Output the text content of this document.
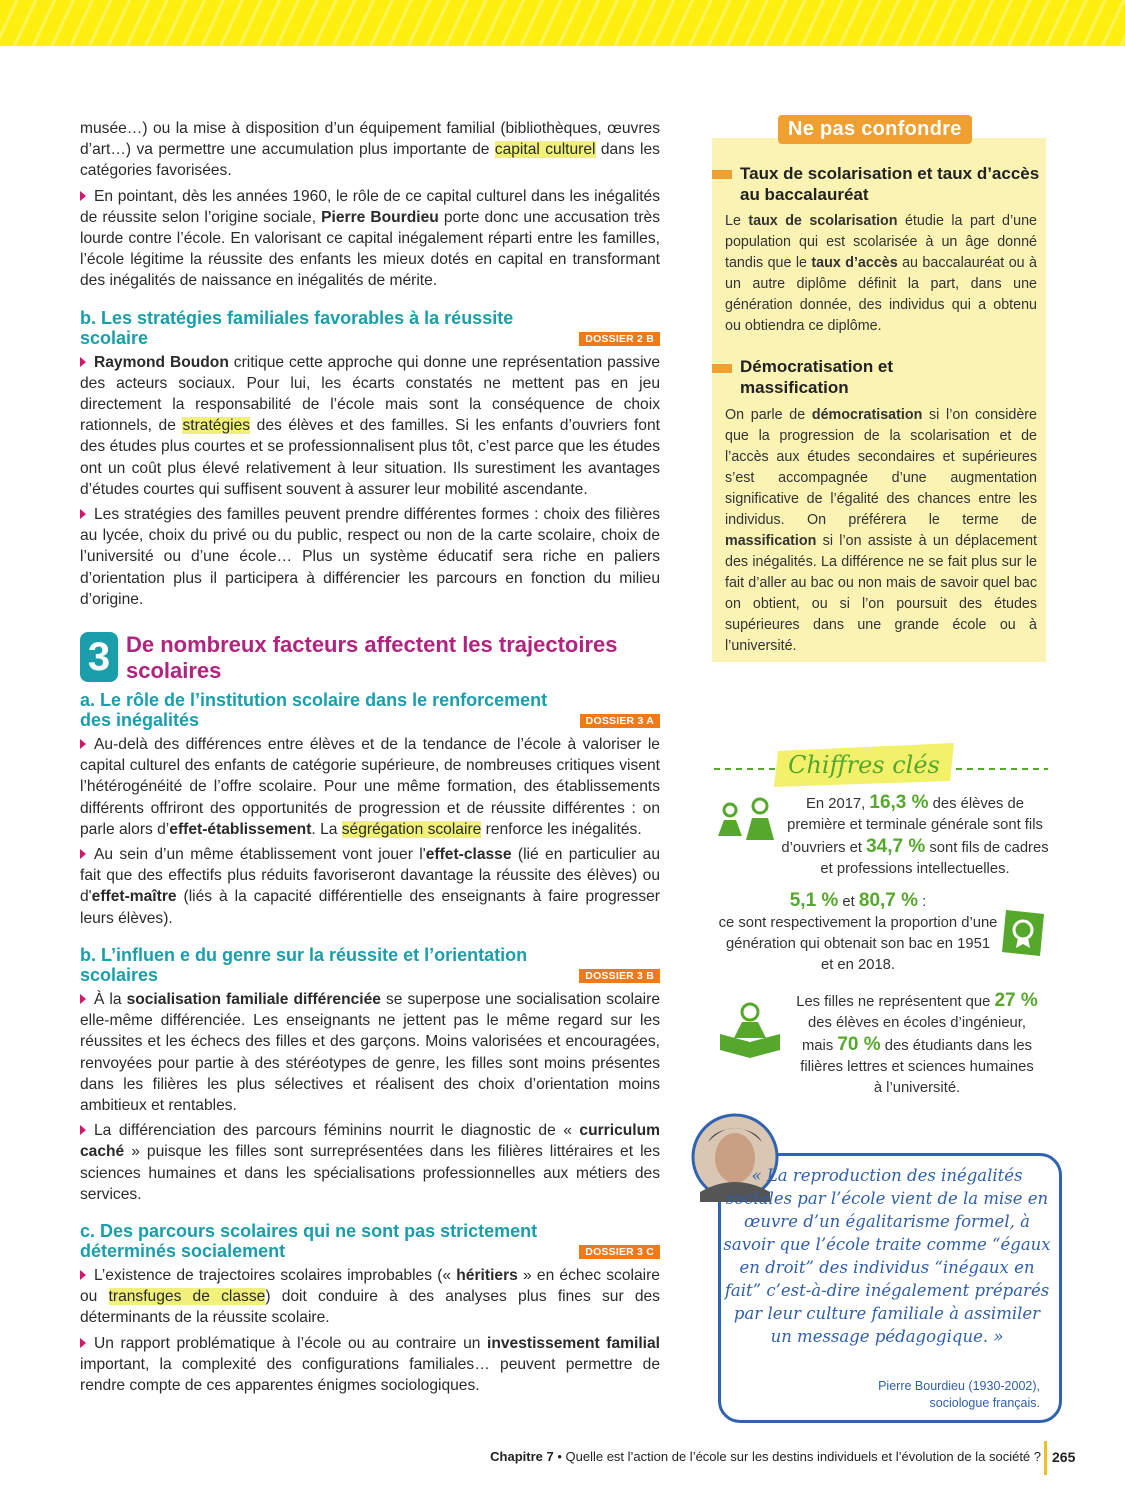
musée…) ou la mise à disposition d’un équipement familial (bibliothèques, œuvres d’art…) va permettre une accumulation plus importante de capital culturel dans les catégories favorisées.

En pointant, dès les années 1960, le rôle de ce capital culturel dans les inégalités de réussite selon l’origine sociale, Pierre Bourdieu porte donc une accusation très lourde contre l’école. En valorisant ce capital inégalement réparti entre les familles, l’école légitime la réussite des enfants les mieux dotés en capital en transformant des inégalités de naissance en inégalités de mérite.

b. Les stratégies familiales favorables à la réussite scolaire	DOSSIER 2 B

Raymond Boudon critique cette approche qui donne une représentation passive des acteurs sociaux. Pour lui, les écarts constatés ne mettent pas en jeu directement la responsabilité de l’école mais sont la conséquence de choix rationnels, de stratégies des élèves et des familles. Si les enfants d’ouvriers font des études plus courtes et se professionnalisent plus tôt, c’est parce que les études ont un coût plus élevé relativement à leur situation. Ils surestiment les avantages d’études courtes qui suffisent souvent à assurer leur mobilité ascendante.

Les stratégies des familles peuvent prendre différentes formes : choix des filières au lycée, choix du privé ou du public, respect ou non de la carte scolaire, choix de l’université ou d’une école… Plus un système éducatif sera riche en paliers d’orientation plus il participera à différencier les parcours en fonction du milieu d’origine.

3 De nombreux facteurs affectent les trajectoires scolaires
a. Le rôle de l’institution scolaire dans le renforcement des inégalités	DOSSIER 3 A

Au-delà des différences entre élèves et de la tendance de l’école à valoriser le capital culturel des enfants de catégorie supérieure, de nombreuses critiques visent l’hétérogénéité de l’offre scolaire. Pour une même formation, des établissements différents offriront des opportunités de progression et de réussite différentes : on parle alors d’effet-établissement. La ségrégation scolaire renforce les inégalités.

Au sein d’un même établissement vont jouer l'effet-classe (lié en particulier au fait que des effectifs plus réduits favoriseront davantage la réussite des élèves) ou d'effet-maître (liés à la capacité différentielle des enseignants à faire progresser leurs élèves).

b. L’influen e du genre sur la réussite et l’orientation scolaires	DOSSIER 3 B

À la socialisation familiale différenciée se superpose une socialisation scolaire elle-même différenciée. Les enseignants ne jettent pas le même regard sur les réussites et les échecs des filles et des garçons. Moins valorisées et encouragées, renvoyées pour partie à des stéréotypes de genre, les filles sont moins présentes dans les filières les plus sélectives et réalisent des choix d’orientation moins ambitieux et rentables.

La différenciation des parcours féminins nourrit le diagnostic de « curriculum caché » puisque les filles sont surreprésentées dans les filières littéraires et les sciences humaines et dans les spécialisations professionnelles aux métiers des services.

c. Des parcours scolaires qui ne sont pas strictement déterminés socialement	DOSSIER 3 C

L’existence de trajectoires scolaires improbables (« héritiers » en échec scolaire ou transfuges de classe) doit conduire à des analyses plus fines sur des déterminants de la réussite scolaire.

Un rapport problématique à l’école ou au contraire un investissement familial important, la complexité des configurations familiales… peuvent permettre de rendre compte de ces apparentes énigmes sociologiques.

Ne pas confondre
Taux de scolarisation et taux d’accès au baccalauréat
Le taux de scolarisation étudie la part d’une population qui est scolarisée à un âge donné tandis que le taux d’accès au baccalauréat ou à un autre diplôme définit la part, dans une génération donnée, des individus qui a obtenu ou obtiendra ce diplôme.
Démocratisation et massification
On parle de démocratisation si l’on considère que la progression de la scolarisation et de l’accès aux études secondaires et supérieures s’est accompagnée d’une augmentation significative de l’égalité des chances entre les individus. On préférera le terme de massification si l’on assiste à un déplacement des inégalités. La différence ne se fait plus sur le fait d’aller au bac ou non mais de savoir quel bac on obtient, ou si l’on poursuit des études supérieures dans une grande école ou à l’université.
Chiffres clés
En 2017, 16,3 % des élèves de première et terminale générale sont fils d’ouvriers et 34,7 % sont fils de cadres et professions intellectuelles.
5,1 % et 80,7 % :
ce sont respectivement la proportion d’une génération qui obtenait son bac en 1951 et en 2018.
Les filles ne représentent que 27 % des élèves en écoles d’ingénieur, mais 70 % des étudiants dans les filières lettres et sciences humaines à l’université.
« La reproduction des inégalités sociales par l’école vient de la mise en œuvre d’un égalitarisme formel, à savoir que l’école traite comme “égaux en droit” des individus “inégaux en fait” c’est-à-dire inégalement préparés par leur culture familiale à assimiler un message pédagogique. »
Pierre Bourdieu (1930-2002),
sociologue français.
Chapitre 7 • Quelle est l’action de l’école sur les destins individuels et l’évolution de la société ? 265
